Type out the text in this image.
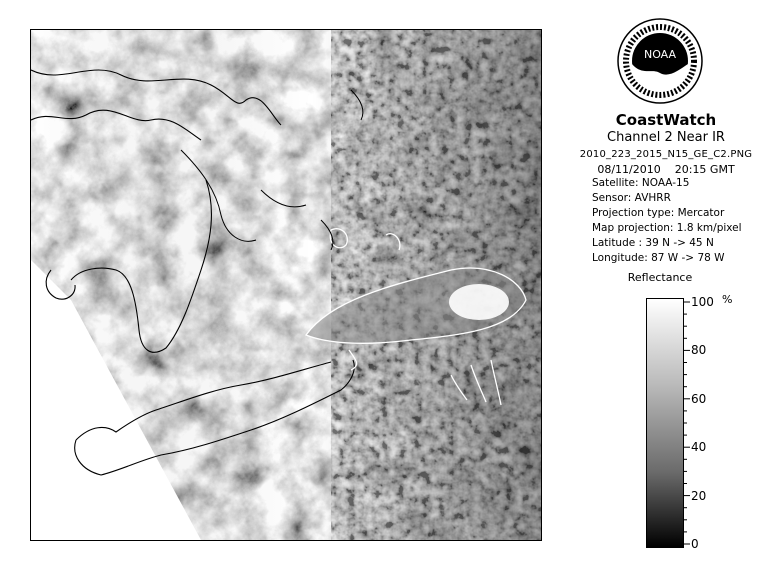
NOAA
CoastWatch
Channel 2 Near IR
2010_223_2015_N15_GE_C2.PNG
08/11/2010 20:15 GMT
Satellite: NOAA-15
Sensor: AVHRR
Projection type: Mercator
Map projection: 1.8 km/pixel
Latitude : 39 N -> 45 N
Longitude: 87 W -> 78 W
Reflectance
%
100
80
60
40
20
0
